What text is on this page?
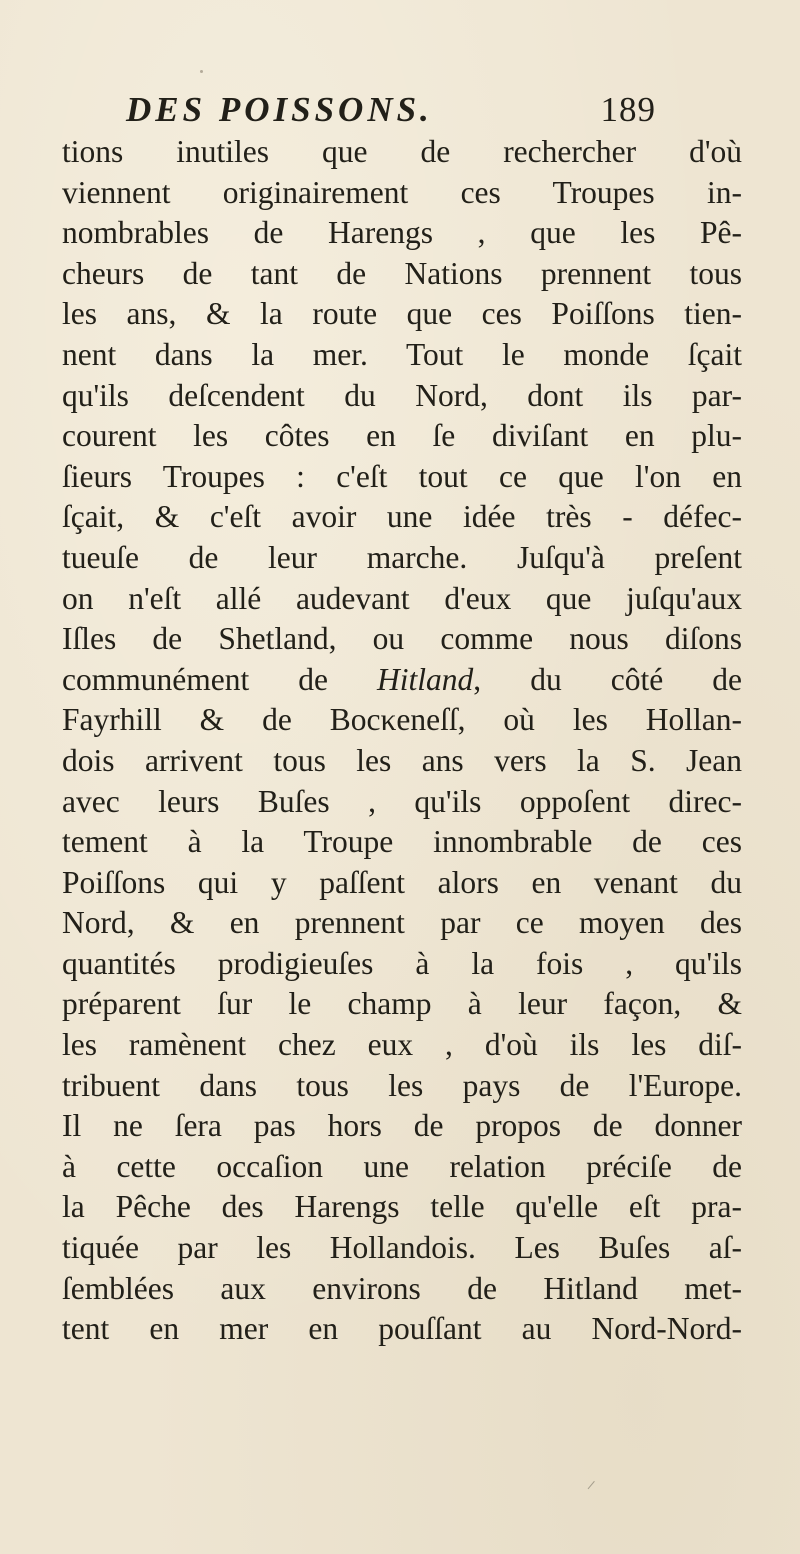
DES POISSONS.	189
tions inutiles que de rechercher d'où
viennent originairement ces Troupes in-
nombrables de Harengs , que les Pê-
cheurs de tant de Nations prennent tous
les ans, & la route que ces Poiſſons tien-
nent dans la mer. Tout le monde ſçait
qu'ils deſcendent du Nord, dont ils par-
courent les côtes en ſe diviſant en plu-
ſieurs Troupes : c'eſt tout ce que l'on en
ſçait, & c'eſt avoir une idée très - défec-
tueuſe de leur marche. Juſqu'à preſent
on n'eſt allé audevant d'eux que juſqu'aux
Iſles de Shetland, ou comme nous diſons
communément de Hitland, du côté de
Fayrhill & de Bocκeneſſ, où les Hollan-
dois arrivent tous les ans vers la S. Jean
avec leurs Buſes , qu'ils oppoſent direc-
tement à la Troupe innombrable de ces
Poiſſons qui y paſſent alors en venant du
Nord, & en prennent par ce moyen des
quantités prodigieuſes à la fois , qu'ils
préparent ſur le champ à leur façon, &
les ramènent chez eux , d'où ils les diſ-
tribuent dans tous les pays de l'Europe.
Il ne ſera pas hors de propos de donner
à cette occaſion une relation préciſe de
la Pêche des Harengs telle qu'elle eſt pra-
tiquée par les Hollandois. Les Buſes aſ-
ſemblées aux environs de Hitland met-
tent en mer en pouſſant au Nord-Nord-
